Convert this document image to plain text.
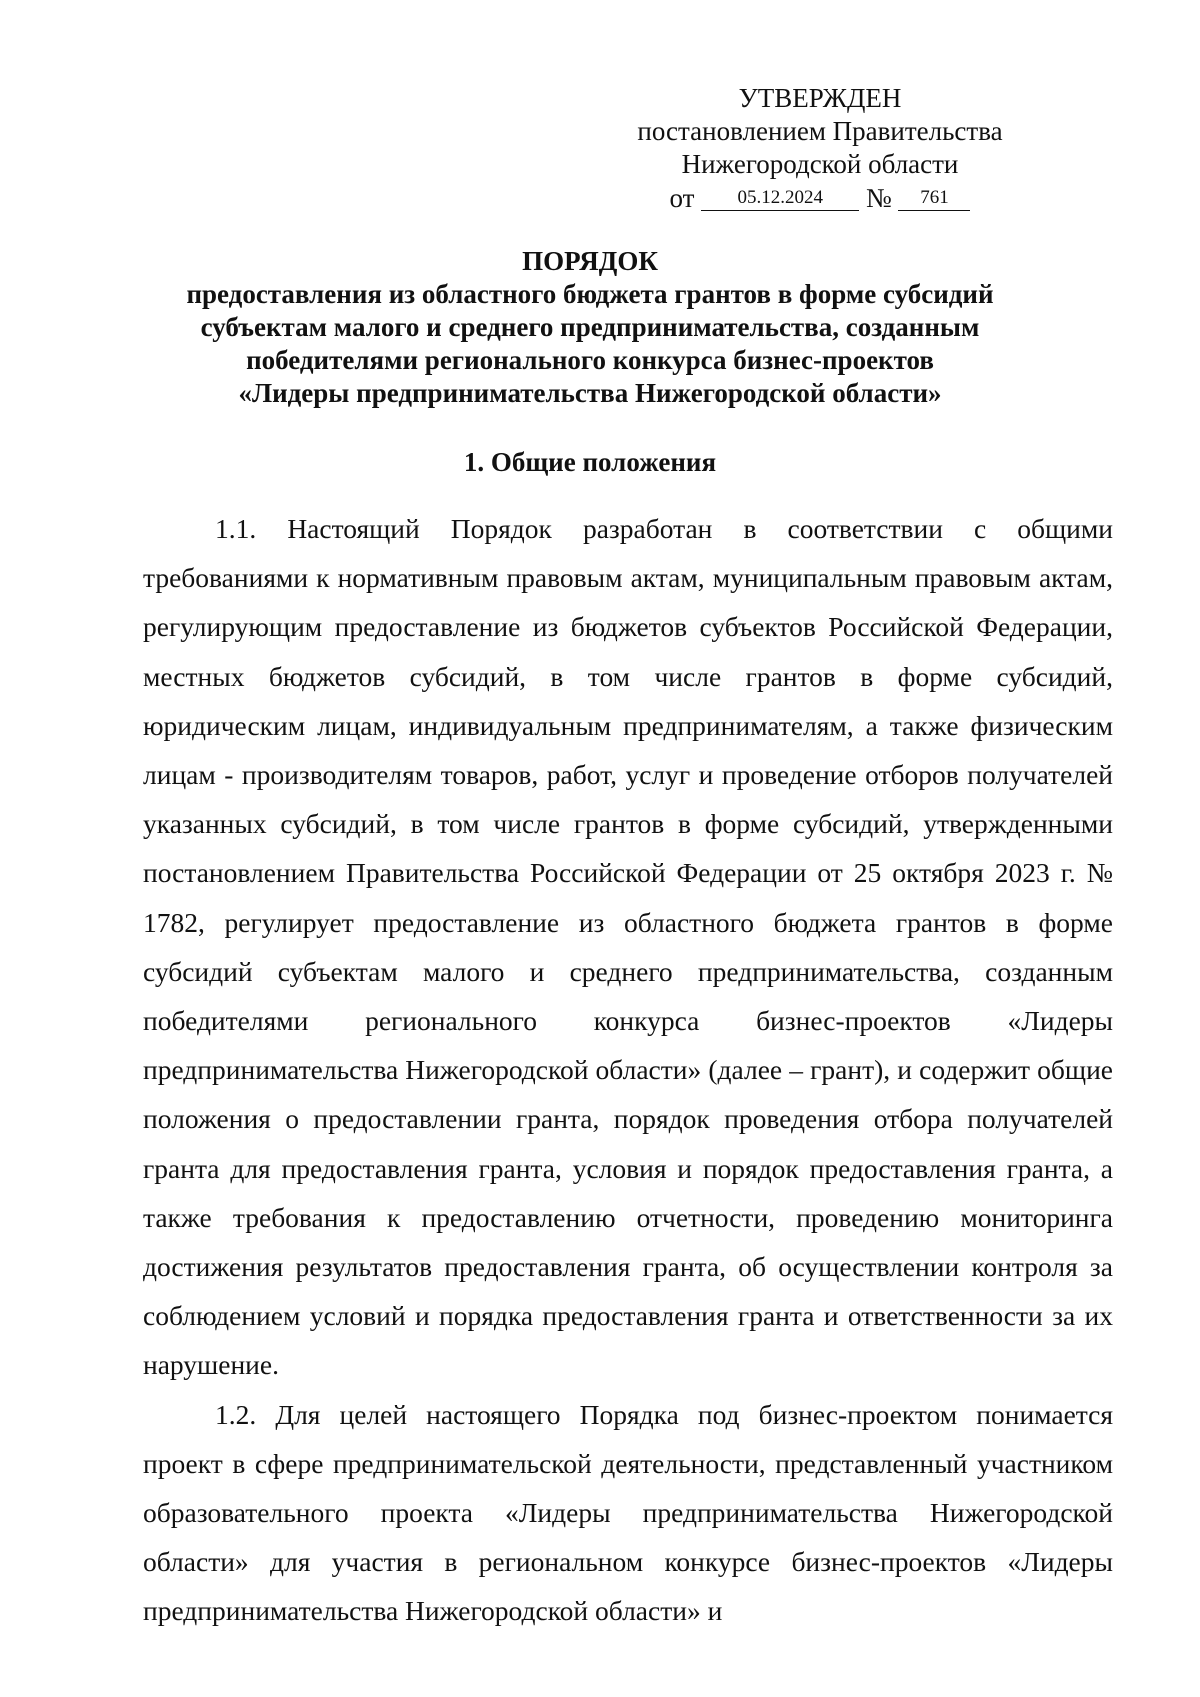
УТВЕРЖДЕН
постановлением Правительства
Нижегородской области
от 05.12.2024 № 761
ПОРЯДОК
предоставления из областного бюджета грантов в форме субсидий
субъектам малого и среднего предпринимательства, созданным
победителями регионального конкурса бизнес-проектов
«Лидеры предпринимательства Нижегородской области»
1. Общие положения

1.1. Настоящий Порядок разработан в соответствии с общими требованиями к нормативным правовым актам, муниципальным правовым актам, регулирующим предоставление из бюджетов субъектов Российской Федерации, местных бюджетов субсидий, в том числе грантов в форме субсидий, юридическим лицам, индивидуальным предпринимателям, а также физическим лицам - производителям товаров, работ, услуг и проведение отборов получателей указанных субсидий, в том числе грантов в форме субсидий, утвержденными постановлением Правительства Российской Федерации от 25 октября 2023 г. № 1782, регулирует предоставление из областного бюджета грантов в форме субсидий субъектам малого и среднего предпринимательства, созданным победителями регионального конкурса бизнес-проектов «Лидеры предпринимательства Нижегородской области» (далее – грант), и содержит общие положения о предоставлении гранта, порядок проведения отбора получателей гранта для предоставления гранта, условия и порядок предоставления гранта, а также требования к предоставлению отчетности, проведению мониторинга достижения результатов предоставления гранта, об осуществлении контроля за соблюдением условий и порядка предоставления гранта и ответственности за их нарушение.

1.2. Для целей настоящего Порядка под бизнес-проектом понимается проект в сфере предпринимательской деятельности, представленный участником образовательного проекта «Лидеры предпринимательства Нижегородской области» для участия в региональном конкурсе бизнес-проектов «Лидеры предпринимательства Нижегородской области» и
